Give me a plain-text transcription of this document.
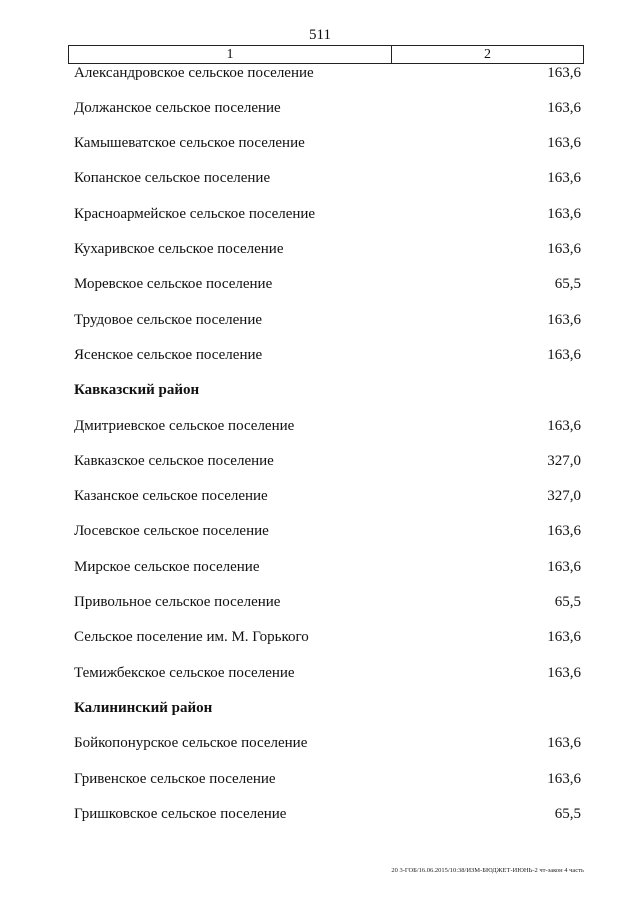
511
1	2
Александровское сельское поселение	163,6
Должанское сельское поселение	163,6
Камышеватское сельское поселение	163,6
Копанское сельское поселение	163,6
Красноармейское сельское поселение	163,6
Кухаривское сельское поселение	163,6
Моревское сельское поселение	65,5
Трудовое сельское поселение	163,6
Ясенское сельское поселение	163,6
Кавказский район
Дмитриевское сельское поселение	163,6
Кавказское сельское поселение	327,0
Казанское сельское поселение	327,0
Лосевское сельское поселение	163,6
Мирское сельское поселение	163,6
Привольное сельское поселение	65,5
Сельское поселение им. М. Горького	163,6
Темижбекское сельское поселение	163,6
Калининский район
Бойкопонурское сельское поселение	163,6
Гривенское сельское поселение	163,6
Гришковское сельское поселение	65,5
20 3-ГОБ/16.06.2015/10:38/ИЗМ-БЮДЖЕТ-ИЮНЬ-2 чт-закон 4 часть
